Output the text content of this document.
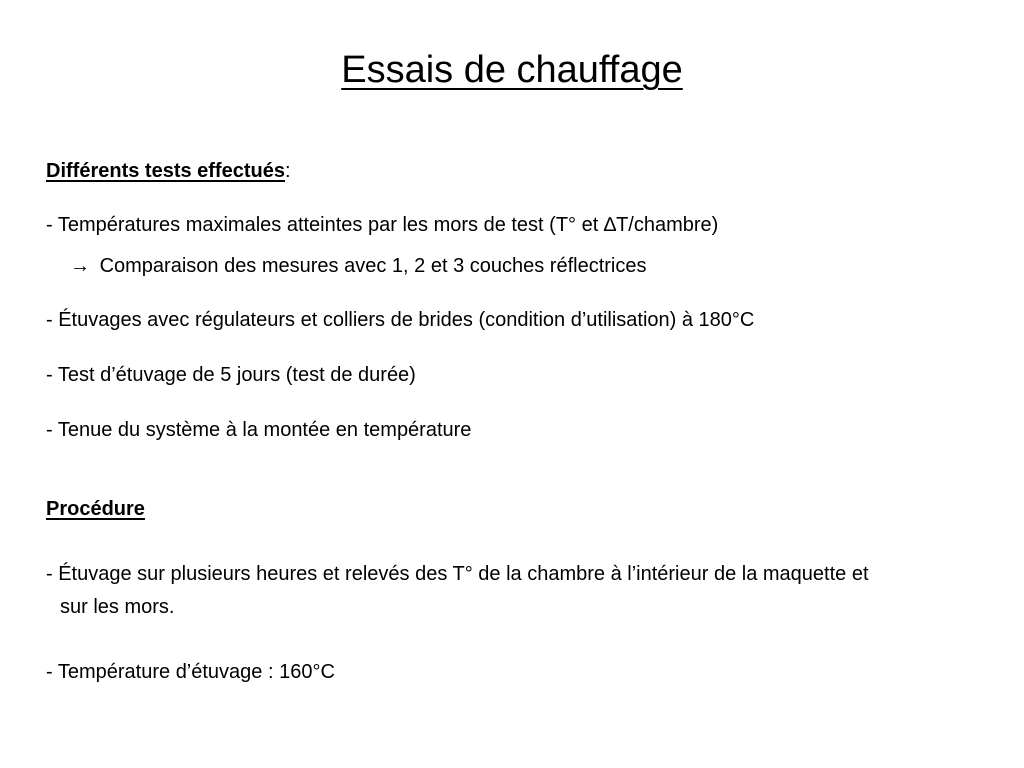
Essais de chauffage
Différents tests effectués:
- Températures maximales atteintes par les mors de test (T° et ∆T/chambre)
→ Comparaison des mesures avec 1, 2 et 3 couches réflectrices
- Étuvages avec régulateurs et colliers de brides (condition d’utilisation) à 180°C
- Test d’étuvage de 5 jours (test de durée)
- Tenue du système à la montée en température
Procédure
- Étuvage sur plusieurs heures et relevés des T° de la chambre à l’intérieur de la maquette et
sur les mors.
- Température d’étuvage : 160°C
